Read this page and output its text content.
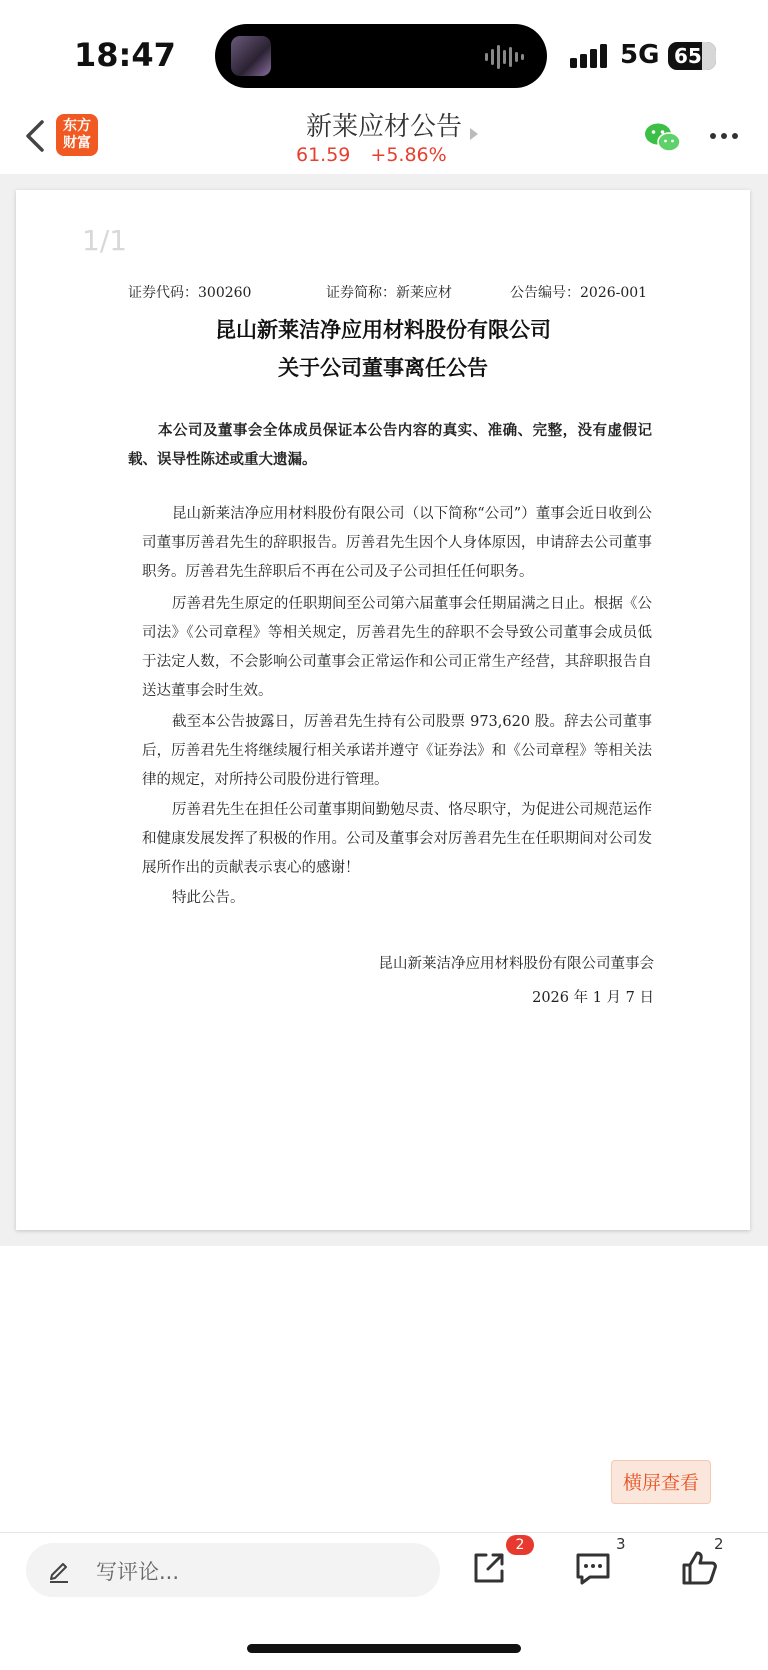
18:47	5G 65
东方
财富
新莱应材公告
61.59 +5.86%
1/1
证券代码：300260	证券简称：新莱应材	公告编号：2026-001
昆山新莱洁净应用材料股份有限公司
关于公司董事离任公告
本公司及董事会全体成员保证本公告内容的真实、准确、完整，没有虚假记载、误导性陈述或重大遗漏。
昆山新莱洁净应用材料股份有限公司（以下简称“公司”）董事会近日收到公司董事厉善君先生的辞职报告。厉善君先生因个人身体原因，申请辞去公司董事职务。厉善君先生辞职后不再在公司及子公司担任任何职务。
厉善君先生原定的任职期间至公司第六届董事会任期届满之日止。根据《公司法》《公司章程》等相关规定，厉善君先生的辞职不会导致公司董事会成员低于法定人数，不会影响公司董事会正常运作和公司正常生产经营，其辞职报告自送达董事会时生效。
截至本公告披露日，厉善君先生持有公司股票 973,620 股。辞去公司董事后，厉善君先生将继续履行相关承诺并遵守《证券法》和《公司章程》等相关法律的规定，对所持公司股份进行管理。
厉善君先生在担任公司董事期间勤勉尽责、恪尽职守，为促进公司规范运作和健康发展发挥了积极的作用。公司及董事会对厉善君先生在任职期间对公司发展所作出的贡献表示衷心的感谢！
特此公告。
昆山新莱洁净应用材料股份有限公司董事会
2026 年 1 月 7 日
横屏查看
写评论...
2	3	2
